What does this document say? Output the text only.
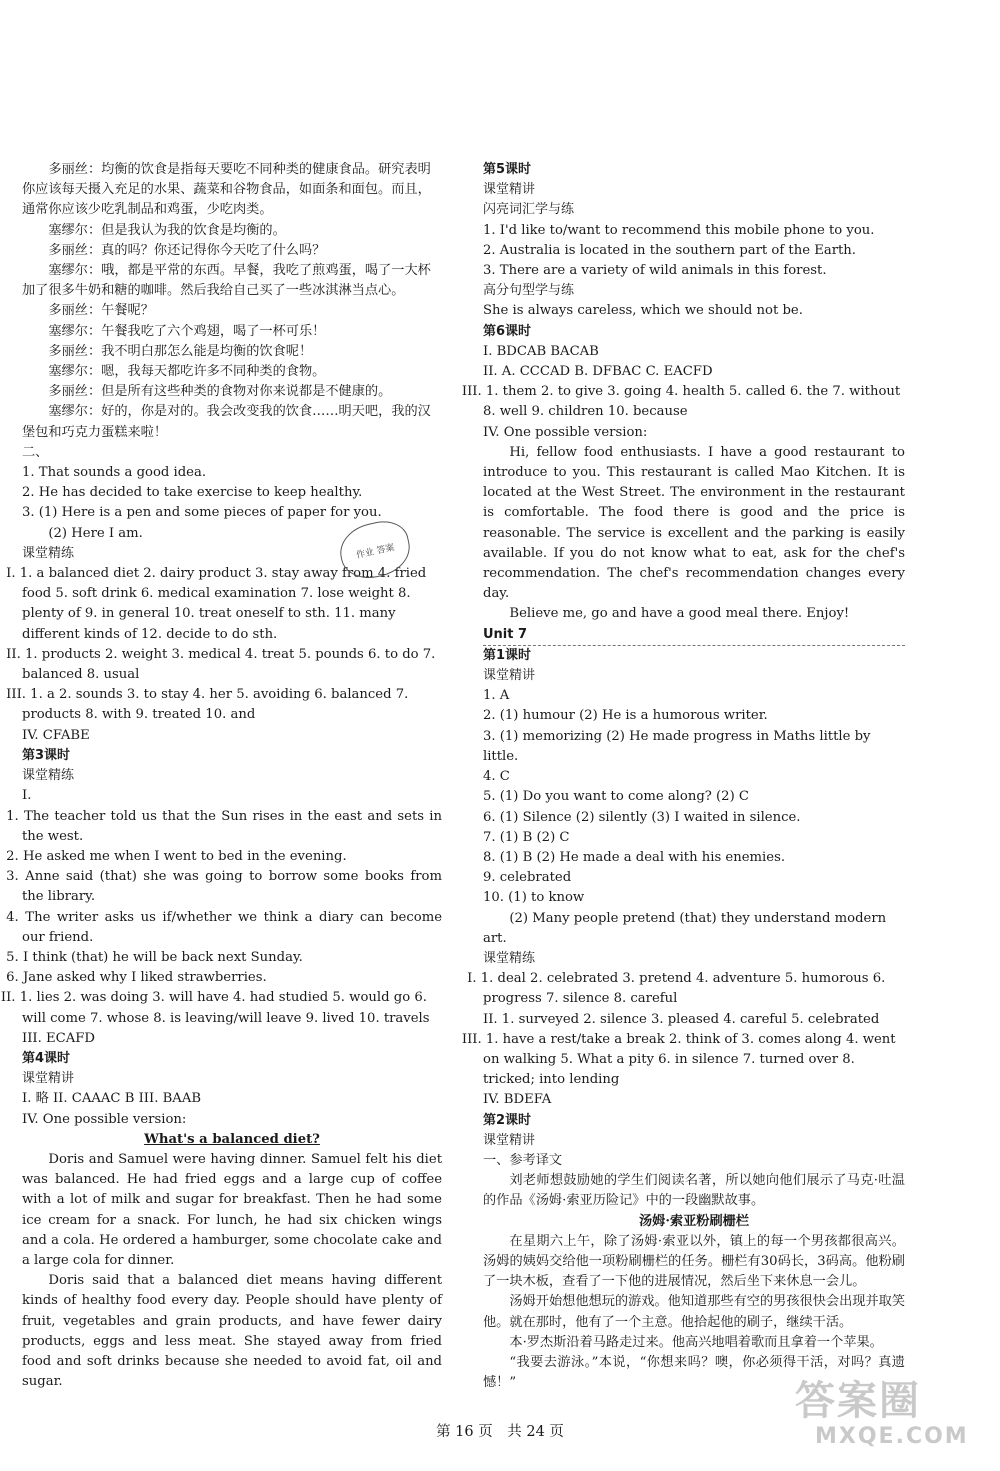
多丽丝：均衡的饮食是指每天要吃不同种类的健康食品。研究表明你应该每天摄入充足的水果、蔬菜和谷物食品，如面条和面包。而且，通常你应该少吃乳制品和鸡蛋，少吃肉类。

塞缪尔：但是我认为我的饮食是均衡的。

多丽丝：真的吗？你还记得你今天吃了什么吗？

塞缪尔：哦，都是平常的东西。早餐，我吃了煎鸡蛋，喝了一大杯加了很多牛奶和糖的咖啡。然后我给自己买了一些冰淇淋当点心。

多丽丝：午餐呢？

塞缪尔：午餐我吃了六个鸡翅，喝了一杯可乐！

多丽丝：我不明白那怎么能是均衡的饮食呢！

塞缪尔：嗯，我每天都吃许多不同种类的食物。

多丽丝：但是所有这些种类的食物对你来说都是不健康的。

塞缪尔：好的，你是对的。我会改变我的饮食……明天吧，我的汉堡包和巧克力蛋糕来啦！

二、

1. That sounds a good idea.

2. He has decided to take exercise to keep healthy.

3. (1) Here is a pen and some pieces of paper for you.

(2) Here I am.

课堂精练

I. 1. a balanced diet 2. dairy product 3. stay away from 4. fried food 5. soft drink 6. medical examination 7. lose weight 8. plenty of 9. in general 10. treat oneself to sth. 11. many different kinds of 12. decide to do sth.

II. 1. products 2. weight 3. medical 4. treat 5. pounds 6. to do 7. balanced 8. usual

III. 1. a 2. sounds 3. to stay 4. her 5. avoiding 6. balanced 7. products 8. with 9. treated 10. and

IV. CFABE

第3课时

课堂精练

I.

1. The teacher told us that the Sun rises in the east and sets in the west.

2. He asked me when I went to bed in the evening.

3. Anne said (that) she was going to borrow some books from the library.

4. The writer asks us if/whether we think a diary can become our friend.

5. I think (that) he will be back next Sunday.

6. Jane asked why I liked strawberries.

II. 1. lies 2. was doing 3. will have 4. had studied 5. would go 6. will come 7. whose 8. is leaving/will leave 9. lived 10. travels

III. ECAFD

第4课时

课堂精讲

I. 略 II. CAAAC B III. BAAB

IV. One possible version:

What's a balanced diet?

Doris and Samuel were having dinner. Samuel felt his diet was balanced. He had fried eggs and a large cup of coffee with a lot of milk and sugar for breakfast. Then he had some ice cream for a snack. For lunch, he had six chicken wings and a cola. He ordered a hamburger, some chocolate cake and a large cola for dinner.

Doris said that a balanced diet means having different kinds of healthy food every day. People should have plenty of fruit, vegetables and grain products, and have fewer dairy products, eggs and less meat. She stayed away from fried food and soft drinks because she needed to avoid fat, oil and sugar.

作业 答案

第5课时

课堂精讲

闪亮词汇学与练

1. I'd like to/want to recommend this mobile phone to you.

2. Australia is located in the southern part of the Earth.

3. There are a variety of wild animals in this forest.

高分句型学与练

She is always careless, which we should not be.

第6课时

I. BDCAB BACAB

II. A. CCCAD B. DFBAC C. EACFD

III. 1. them 2. to give 3. going 4. health 5. called 6. the 7. without 8. well 9. children 10. because

IV. One possible version:

Hi, fellow food enthusiasts. I have a good restaurant to introduce to you. This restaurant is called Mao Kitchen. It is located at the West Street. The environment in the restaurant is comfortable. The food there is good and the price is reasonable. The service is excellent and the parking is easily available. If you do not know what to eat, ask for the chef's recommendation. The chef's recommendation changes every day.

Believe me, go and have a good meal there. Enjoy!

Unit 7

第1课时

课堂精讲

1. A

2. (1) humour (2) He is a humorous writer.

3. (1) memorizing (2) He made progress in Maths little by little.

4. C

5. (1) Do you want to come along? (2) C

6. (1) Silence (2) silently (3) I waited in silence.

7. (1) B (2) C

8. (1) B (2) He made a deal with his enemies.

9. celebrated

10. (1) to know

(2) Many people pretend (that) they understand modern art.

课堂精练

I. 1. deal 2. celebrated 3. pretend 4. adventure 5. humorous 6. progress 7. silence 8. careful

II. 1. surveyed 2. silence 3. pleased 4. careful 5. celebrated

III. 1. have a rest/take a break 2. think of 3. comes along 4. went on walking 5. What a pity 6. in silence 7. turned over 8. tricked; into lending

IV. BDEFA

第2课时

课堂精讲

一、参考译文

刘老师想鼓励她的学生们阅读名著，所以她向他们展示了马克·吐温的作品《汤姆·索亚历险记》中的一段幽默故事。

汤姆·索亚粉刷栅栏

在星期六上午，除了汤姆·索亚以外，镇上的每一个男孩都很高兴。汤姆的姨妈交给他一项粉刷栅栏的任务。栅栏有30码长，3码高。他粉刷了一块木板，查看了一下他的进展情况，然后坐下来休息一会儿。

汤姆开始想他想玩的游戏。他知道那些有空的男孩很快会出现并取笑他。就在那时，他有了一个主意。他拾起他的刷子，继续干活。

本·罗杰斯沿着马路走过来。他高兴地唱着歌而且拿着一个苹果。

“我要去游泳。”本说，“你想来吗？噢，你必须得干活，对吗？真遗憾！”

第 16 页　共 24 页
答案圈
MXQE.COM
